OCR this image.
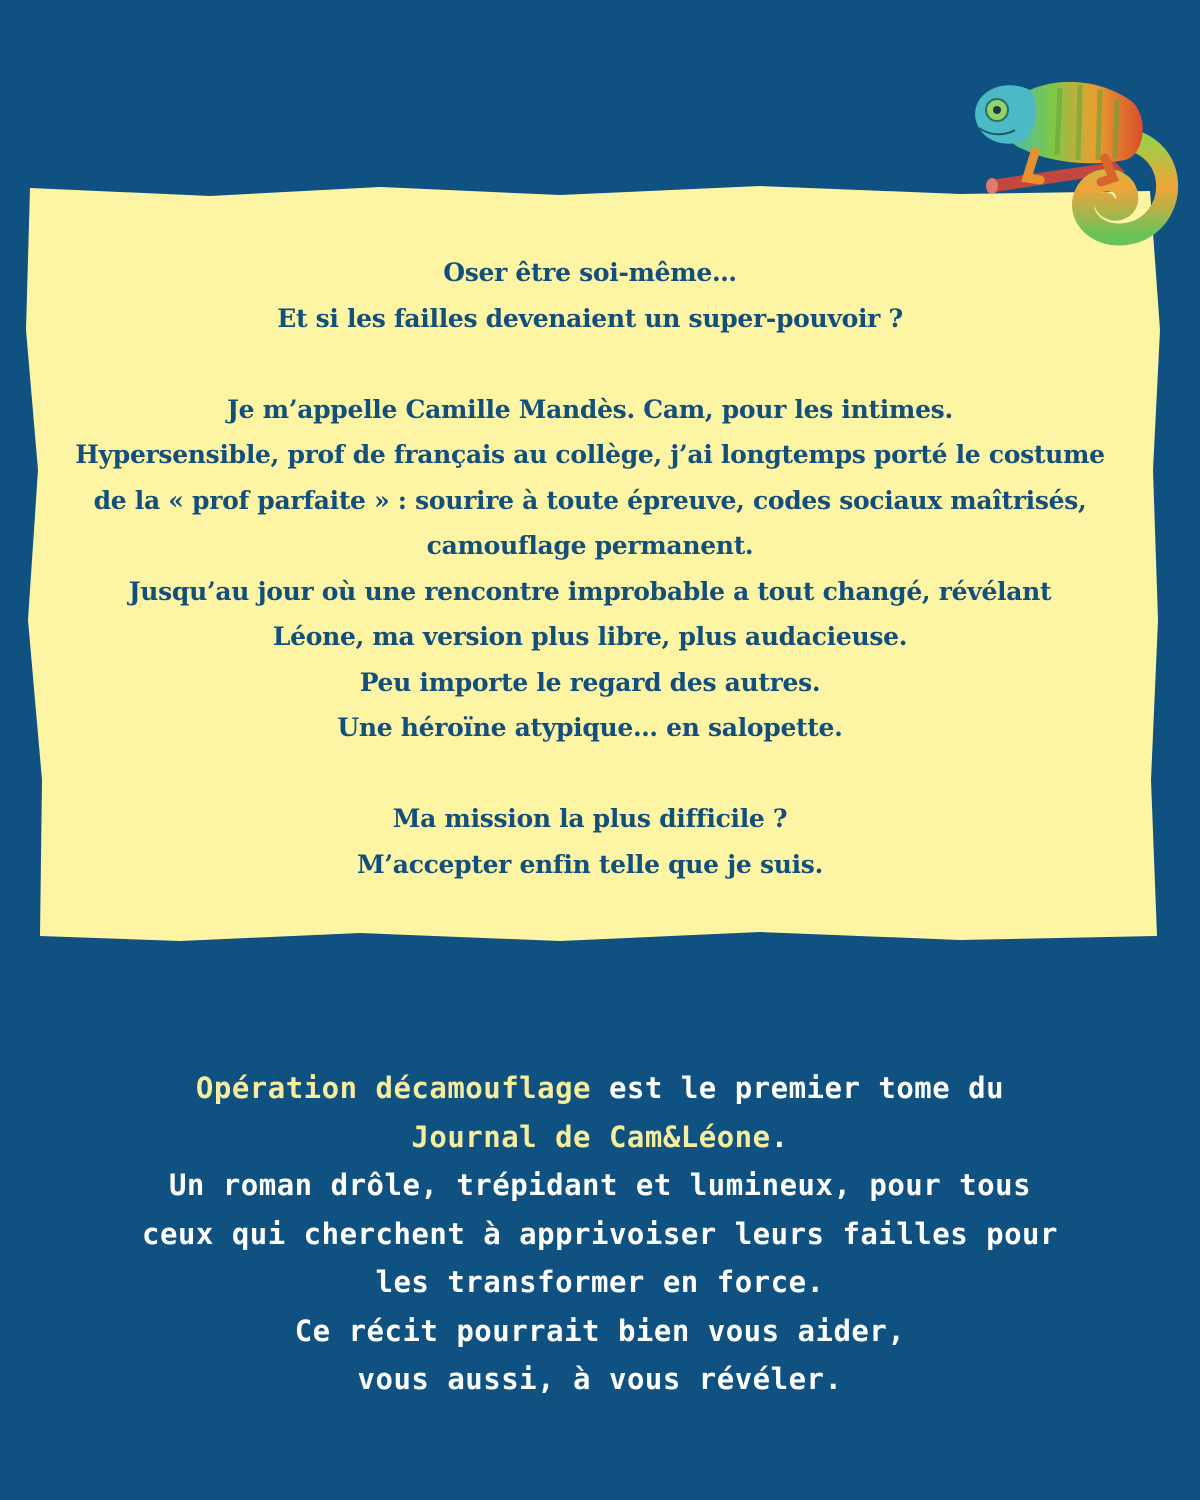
Oser être soi-même…
Et si les failles devenaient un super-pouvoir ?
Je m’appelle Camille Mandès. Cam, pour les intimes.
Hypersensible, prof de français au collège, j’ai longtemps porté le costume
de la « prof parfaite » : sourire à toute épreuve, codes sociaux maîtrisés,
camouflage permanent.
Jusqu’au jour où une rencontre improbable a tout changé, révélant
Léone, ma version plus libre, plus audacieuse.
Peu importe le regard des autres.
Une héroïne atypique… en salopette.
Ma mission la plus difficile ?
M’accepter enfin telle que je suis.
Opération décamouflage est le premier tome du
Journal de Cam&Léone.
Un roman drôle, trépidant et lumineux, pour tous
ceux qui cherchent à apprivoiser leurs failles pour
les transformer en force.
Ce récit pourrait bien vous aider,
vous aussi, à vous révéler.
